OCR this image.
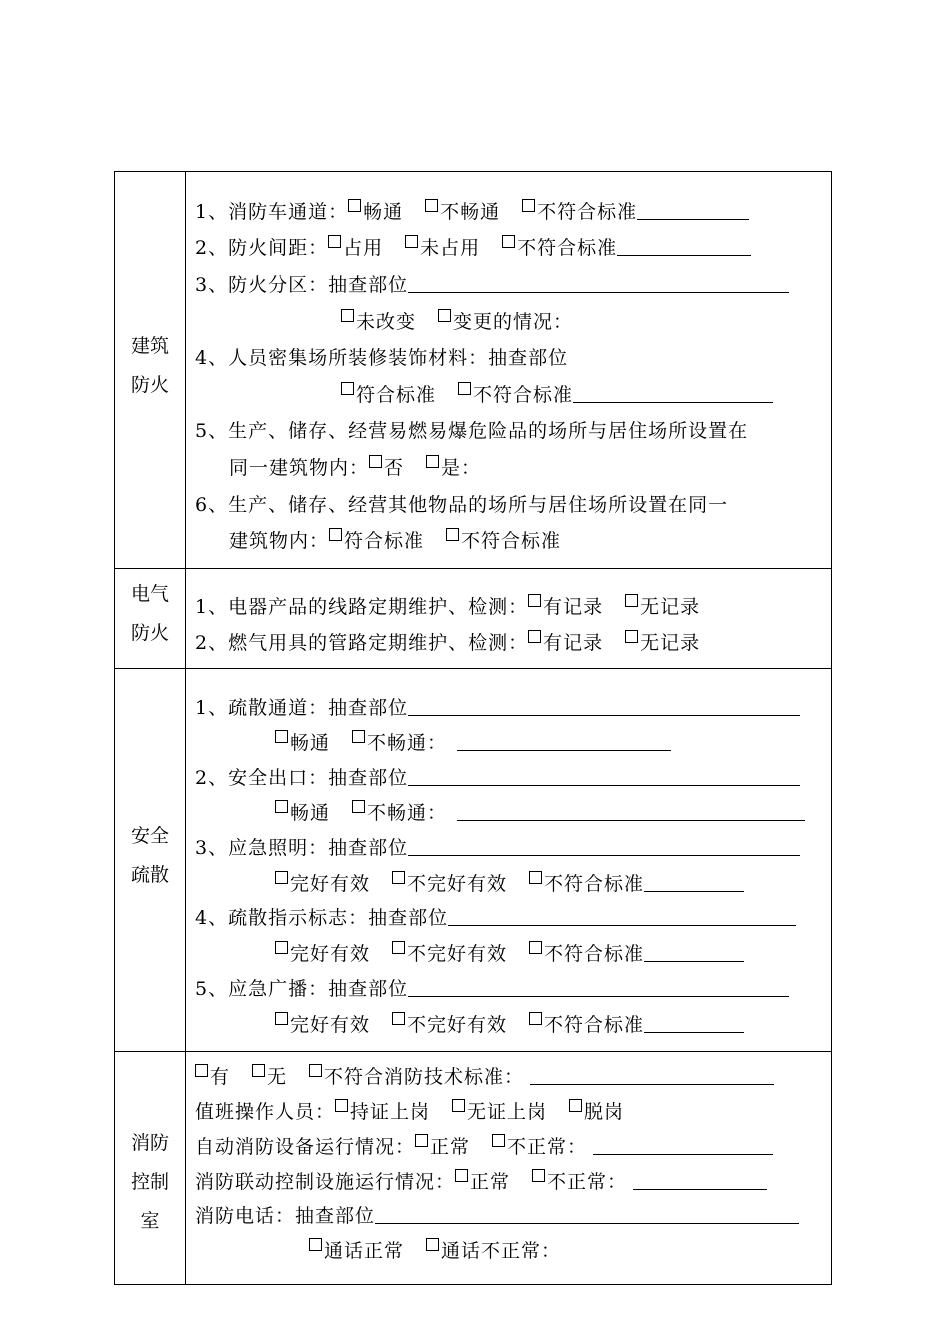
建筑
防火
1、消防车通道： 畅通 不畅通 不符合标准
2、防火间距： 占用 未占用 不符合标准
3、防火分区：抽查部位
未改变 变更的情况：
4、人员密集场所装修装饰材料：抽查部位
符合标准 不符合标准
5、生产、储存、经营易燃易爆危险品的场所与居住场所设置在
同一建筑物内： 否 是：
6、生产、储存、经营其他物品的场所与居住场所设置在同一
建筑物内： 符合标准 不符合标准
电气
防火
1、电器产品的线路定期维护、检测： 有记录 无记录
2、燃气用具的管路定期维护、检测： 有记录 无记录
安全
疏散
1、疏散通道：抽查部位
畅通 不畅通：
2、安全出口：抽查部位
畅通 不畅通：
3、应急照明：抽查部位
完好有效 不完好有效 不符合标准
4、疏散指示标志：抽查部位
完好有效 不完好有效 不符合标准
5、应急广播：抽查部位
完好有效 不完好有效 不符合标准
消防
控制
室
有 无 不符合消防技术标准：
值班操作人员： 持证上岗 无证上岗 脱岗
自动消防设备运行情况： 正常 不正常：
消防联动控制设施运行情况： 正常 不正常：
消防电话：抽查部位
通话正常 通话不正常：
